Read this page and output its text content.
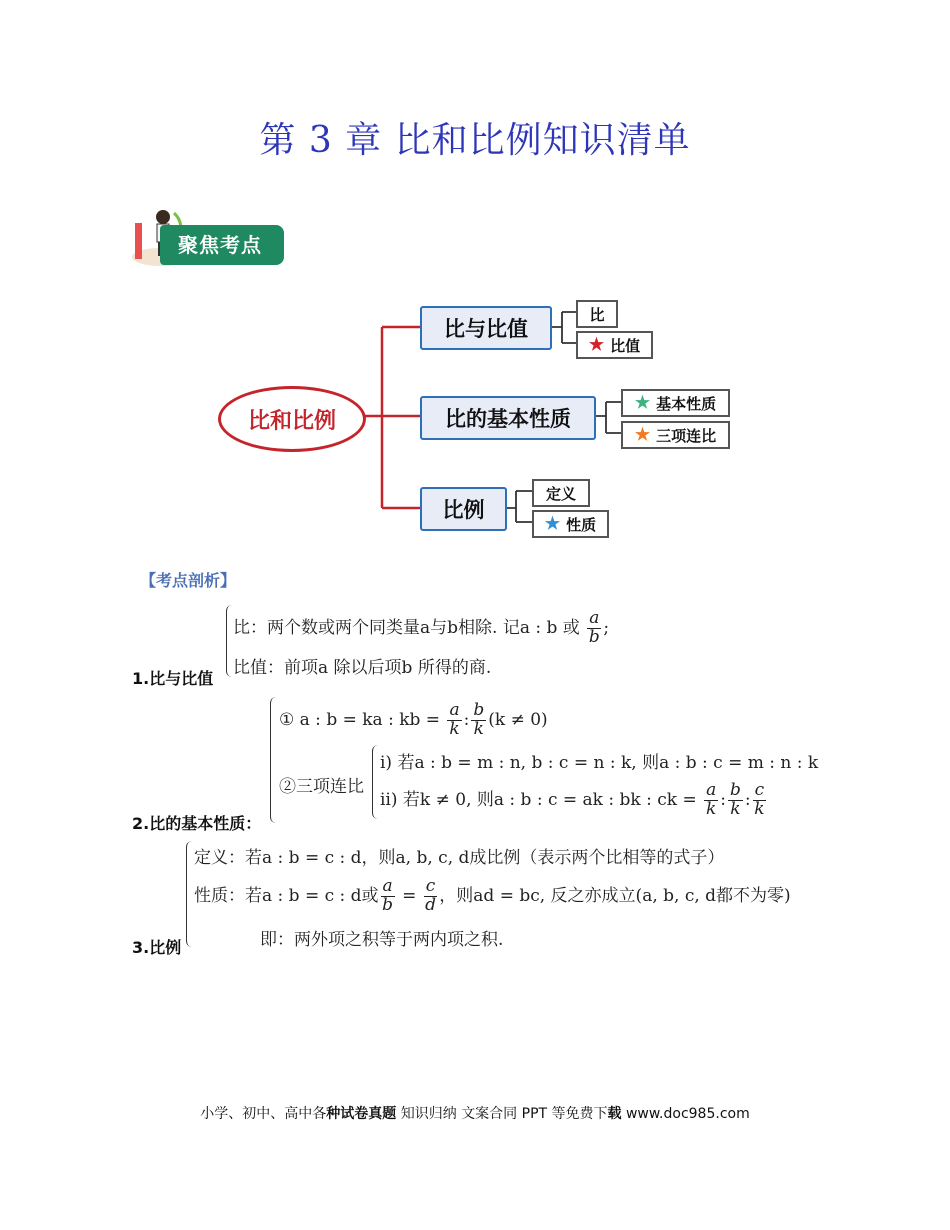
第 3 章 比和比例知识清单
聚焦考点
比和比例
比与比值
比的基本性质
比例
比
★ 比值
★ 基本性质
★ 三项连比
定义
★ 性质
【考点剖析】
比：两个数或两个同类量a与b相除. 记a : b 或 $\frac{a}{b}$ ;
比值：前项a 除以后项b 所得的商.
1.比与比值
① a : b = ka : kb = $\frac{a}{k}$ : $\frac{b}{k} (k \ne 0)$
②三项连比
ⅰ) 若a : b = m : n, b : c = n : k, 则a : b : c = m : n : k
ⅱ) 若k ≠ 0, 则a : b : c = ak : bk : ck = $\frac{a}{k}$ : $\frac{b}{k}$ : $\frac{c}{k}$
2.比的基本性质：
定义：若a : b = c : d，则a, b, c, d成比例（表示两个比相等的式子）
性质：若a : b = c : d或 $\frac{a}{b} = \frac{c}{d}$ ，则ad = bc, 反之亦成立(a, b, c, d都不为零)
即：两外项之积等于两内项之积.
3.比例
小学、初中、高中各种试卷真题 知识归纳 文案合同 PPT 等免费下载 www.doc985.com
